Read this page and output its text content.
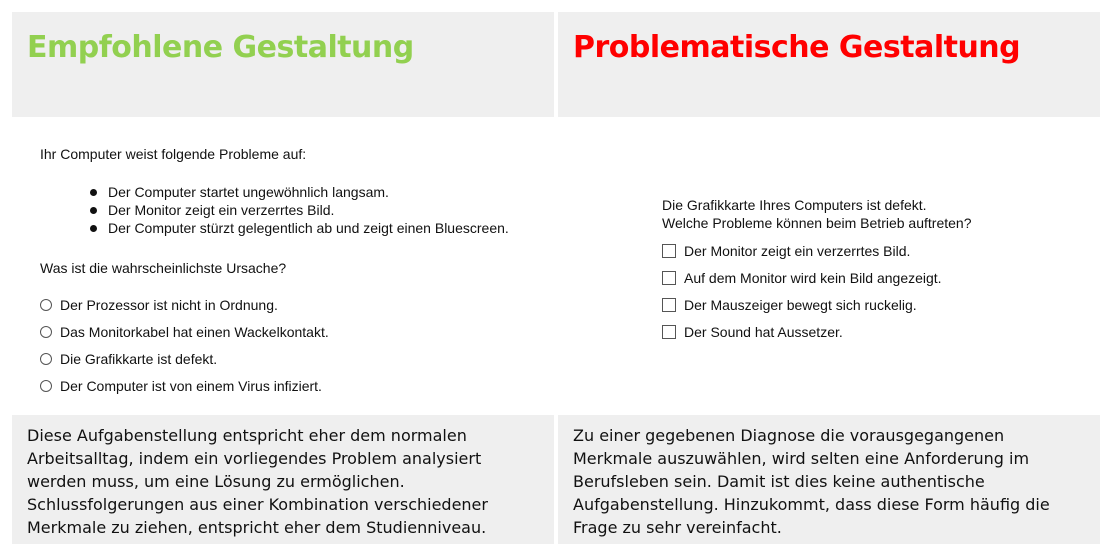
Empfohlene Gestaltung
Ihr Computer weist folgende Probleme auf:
Der Computer startet ungewöhnlich langsam.
Der Monitor zeigt ein verzerrtes Bild.
Der Computer stürzt gelegentlich ab und zeigt einen Bluescreen.
Was ist die wahrscheinlichste Ursache?
Der Prozessor ist nicht in Ordnung.
Das Monitorkabel hat einen Wackelkontakt.
Die Grafikkarte ist defekt.
Der Computer ist von einem Virus infiziert.
Diese Aufgabenstellung entspricht eher dem normalen Arbeitsalltag, indem ein vorliegendes Problem analysiert werden muss, um eine Lösung zu ermöglichen. Schlussfolgerungen aus einer Kombination verschiedener Merkmale zu ziehen, entspricht eher dem Studienniveau.
Problematische Gestaltung
Die Grafikkarte Ihres Computers ist defekt.
Welche Probleme können beim Betrieb auftreten?
Der Monitor zeigt ein verzerrtes Bild.
Auf dem Monitor wird kein Bild angezeigt.
Der Mauszeiger bewegt sich ruckelig.
Der Sound hat Aussetzer.
Zu einer gegebenen Diagnose die vorausgegangenen Merkmale auszuwählen, wird selten eine Anforderung im Berufsleben sein. Damit ist dies keine authentische Aufgabenstellung. Hinzukommt, dass diese Form häufig die Frage zu sehr vereinfacht.
